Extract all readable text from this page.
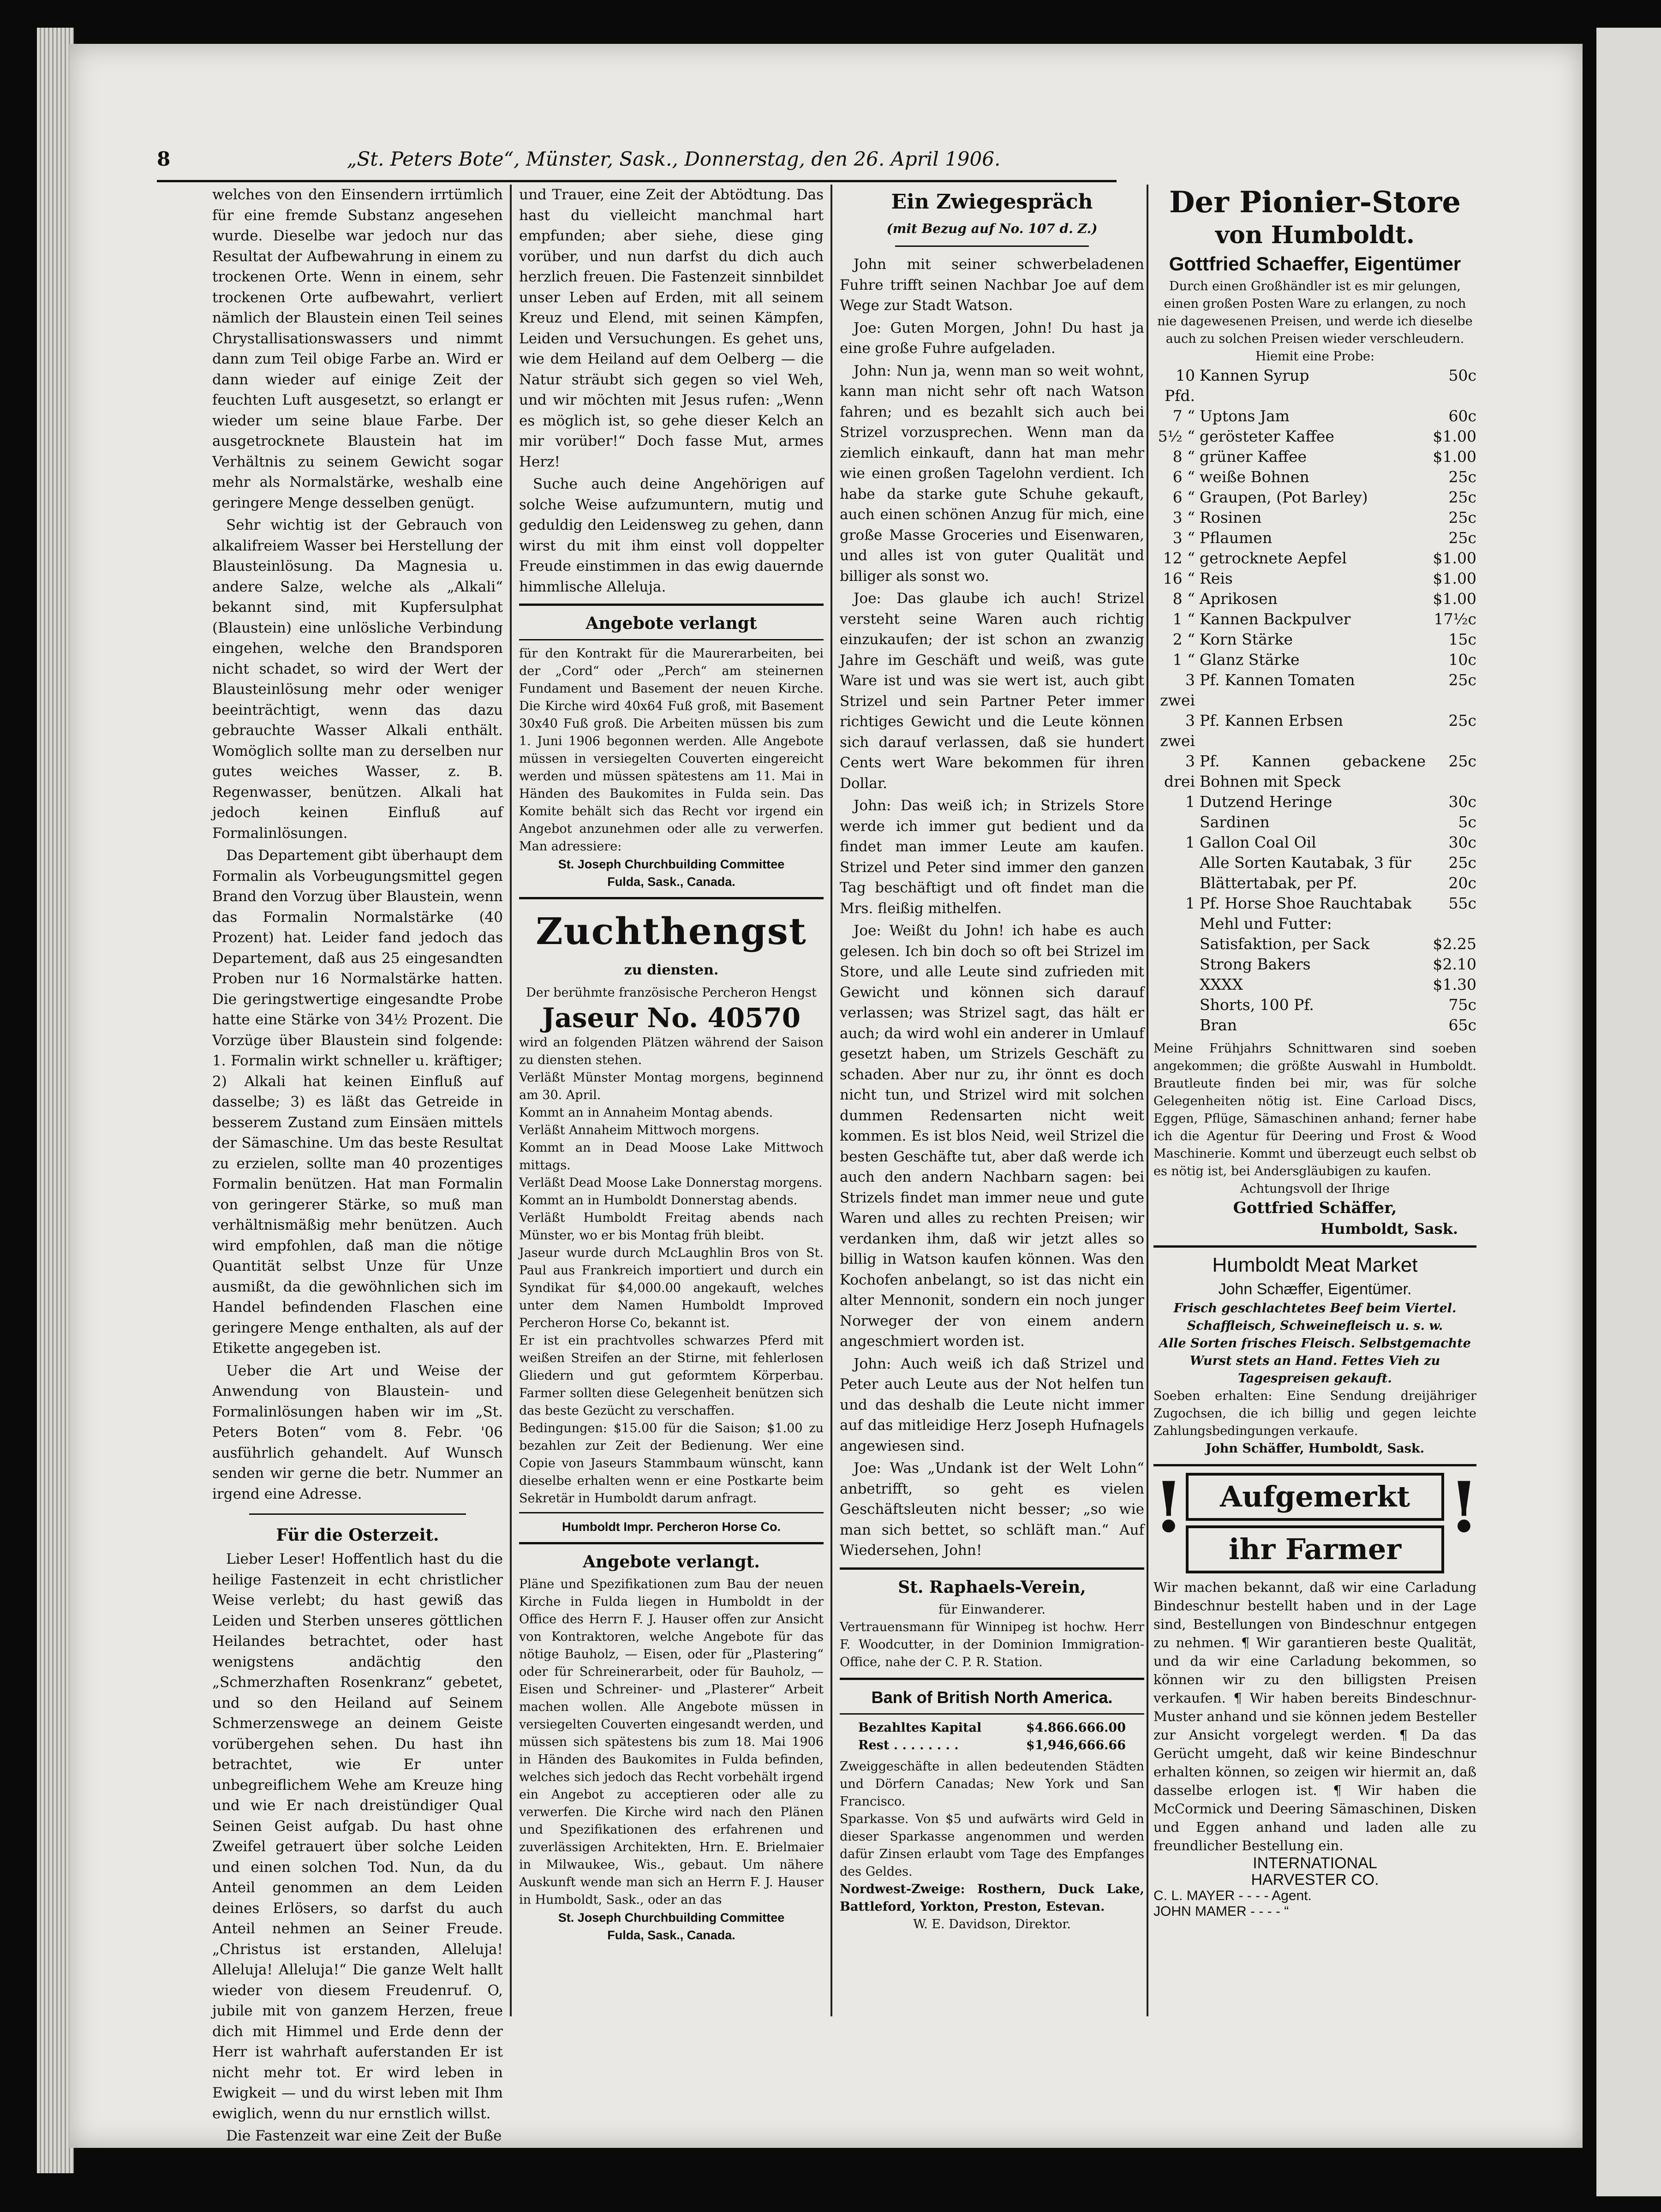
8	„St. Peters Bote“, Münster, Sask., Donnerstag, den 26. April 1906.

welches von den Einsendern irrtümlich für eine fremde Substanz angesehen wurde. Dieselbe war jedoch nur das Resultat der Aufbewahrung in einem zu trockenen Orte. Wenn in einem, sehr trockenen Orte aufbewahrt, verliert nämlich der Blaustein einen Teil seines Chrystallisationswassers und nimmt dann zum Teil obige Farbe an. Wird er dann wieder auf einige Zeit der feuchten Luft ausgesetzt, so erlangt er wieder um seine blaue Farbe. Der ausgetrocknete Blaustein hat im Verhältnis zu seinem Gewicht sogar mehr als Normalstärke, weshalb eine geringere Menge desselben genügt.

Sehr wichtig ist der Gebrauch von alkalifreiem Wasser bei Herstellung der Blausteinlösung. Da Magnesia u. andere Salze, welche als „Alkali“ bekannt sind, mit Kupfersulphat (Blaustein) eine unlösliche Verbindung eingehen, welche den Brandsporen nicht schadet, so wird der Wert der Blausteinlösung mehr oder weniger beeinträchtigt, wenn das dazu gebrauchte Wasser Alkali enthält. Womöglich sollte man zu derselben nur gutes weiches Wasser, z. B. Regenwasser, benützen. Alkali hat jedoch keinen Einfluß auf Formalinlösungen.

Das Departement gibt überhaupt dem Formalin als Vorbeugungsmittel gegen Brand den Vorzug über Blaustein, wenn das Formalin Normalstärke (40 Prozent) hat. Leider fand jedoch das Departement, daß aus 25 eingesandten Proben nur 16 Normalstärke hatten. Die geringstwertige eingesandte Probe hatte eine Stärke von 34½ Prozent. Die Vorzüge über Blaustein sind folgende: 1. Formalin wirkt schneller u. kräftiger; 2) Alkali hat keinen Einfluß auf dasselbe; 3) es läßt das Getreide in besserem Zustand zum Einsäen mittels der Sämaschine. Um das beste Resultat zu erzielen, sollte man 40 prozentiges Formalin benützen. Hat man Formalin von geringerer Stärke, so muß man verhältnismäßig mehr benützen. Auch wird empfohlen, daß man die nötige Quantität selbst Unze für Unze ausmißt, da die gewöhnlichen sich im Handel befindenden Flaschen eine geringere Menge enthalten, als auf der Etikette angegeben ist.

Ueber die Art und Weise der Anwendung von Blaustein- und Formalinlösungen haben wir im „St. Peters Boten“ vom 8. Febr. '06 ausführlich gehandelt. Auf Wunsch senden wir gerne die betr. Nummer an irgend eine Adresse.

Für die Osterzeit.

Lieber Leser! Hoffentlich hast du die heilige Fastenzeit in echt christlicher Weise verlebt; du hast gewiß das Leiden und Sterben unseres göttlichen Heilandes betrachtet, oder hast wenigstens andächtig den „Schmerzhaften Rosenkranz“ gebetet, und so den Heiland auf Seinem Schmerzenswege an deinem Geiste vorübergehen sehen. Du hast ihn betrachtet, wie Er unter unbegreiflichem Wehe am Kreuze hing und wie Er nach dreistündiger Qual Seinen Geist aufgab. Du hast ohne Zweifel getrauert über solche Leiden und einen solchen Tod. Nun, da du Anteil genommen an dem Leiden deines Erlösers, so darfst du auch Anteil nehmen an Seiner Freude. „Christus ist erstanden, Alleluja! Alleluja! Alleluja!“ Die ganze Welt hallt wieder von diesem Freudenruf. O, jubile mit von ganzem Herzen, freue dich mit Himmel und Erde denn der Herr ist wahrhaft auferstanden Er ist nicht mehr tot. Er wird leben in Ewigkeit — und du wirst leben mit Ihm ewiglich, wenn du nur ernstlich willst.

Die Fastenzeit war eine Zeit der Buße

und Trauer, eine Zeit der Abtödtung. Das hast du vielleicht manchmal hart empfunden; aber siehe, diese ging vorüber, und nun darfst du dich auch herzlich freuen. Die Fastenzeit sinnbildet unser Leben auf Erden, mit all seinem Kreuz und Elend, mit seinen Kämpfen, Leiden und Versuchungen. Es gehet uns, wie dem Heiland auf dem Oelberg — die Natur sträubt sich gegen so viel Weh, und wir möchten mit Jesus rufen: „Wenn es möglich ist, so gehe dieser Kelch an mir vorüber!“ Doch fasse Mut, armes Herz!

Suche auch deine Angehörigen auf solche Weise aufzumuntern, mutig und geduldig den Leidensweg zu gehen, dann wirst du mit ihm einst voll doppelter Freude einstimmen in das ewig dauernde himmlische Alleluja.

Angebote verlangt
für den Kontrakt für die Maurerarbeiten, bei der „Cord“ oder „Perch“ am steinernen Fundament und Basement der neuen Kirche. Die Kirche wird 40x64 Fuß groß, mit Basement 30x40 Fuß groß. Die Arbeiten müssen bis zum 1. Juni 1906 begonnen werden. Alle Angebote müssen in versiegelten Couverten eingereicht werden und müssen spätestens am 11. Mai in Händen des Baukomites in Fulda sein. Das Komite behält sich das Recht vor irgend ein Angebot anzunehmen oder alle zu verwerfen. Man adressiere:
St. Joseph Churchbuilding Committee
Fulda, Sask., Canada.
Zuchthengst
zu diensten.
Der berühmte französische Percheron Hengst
Jaseur No. 40570
wird an folgenden Plätzen während der Saison zu diensten stehen.
Verläßt Münster Montag morgens, beginnend am 30. April.
Kommt an in Annaheim Montag abends.
Verläßt Annaheim Mittwoch morgens.
Kommt an in Dead Moose Lake Mittwoch mittags.
Verläßt Dead Moose Lake Donnerstag morgens.
Kommt an in Humboldt Donnerstag abends.
Verläßt Humboldt Freitag abends nach Münster, wo er bis Montag früh bleibt.
Jaseur wurde durch McLaughlin Bros von St. Paul aus Frankreich importiert und durch ein Syndikat für $4,000.00 angekauft, welches unter dem Namen Humboldt Improved Percheron Horse Co, bekannt ist.
Er ist ein prachtvolles schwarzes Pferd mit weißen Streifen an der Stirne, mit fehlerlosen Gliedern und gut geformtem Körperbau. Farmer sollten diese Gelegenheit benützen sich das beste Gezücht zu verschaffen.
Bedingungen: $15.00 für die Saison; $1.00 zu bezahlen zur Zeit der Bedienung. Wer eine Copie von Jaseurs Stammbaum wünscht, kann dieselbe erhalten wenn er eine Postkarte beim Sekretär in Humboldt darum anfragt.
Humboldt Impr. Percheron Horse Co.
Angebote verlangt.
Pläne und Spezifikationen zum Bau der neuen Kirche in Fulda liegen in Humboldt in der Office des Herrn F. J. Hauser offen zur Ansicht von Kontraktoren, welche Angebote für das nötige Bauholz, — Eisen, oder für „Plastering“ oder für Schreinerarbeit, oder für Bauholz, — Eisen und Schreiner- und „Plasterer“ Arbeit machen wollen. Alle Angebote müssen in versiegelten Couverten eingesandt werden, und müssen sich spätestens bis zum 18. Mai 1906 in Händen des Baukomites in Fulda befinden, welches sich jedoch das Recht vorbehält irgend ein Angebot zu acceptieren oder alle zu verwerfen. Die Kirche wird nach den Plänen und Spezifikationen des erfahrenen und zuverlässigen Architekten, Hrn. E. Brielmaier in Milwaukee, Wis., gebaut. Um nähere Auskunft wende man sich an Herrn F. J. Hauser in Humboldt, Sask., oder an das
St. Joseph Churchbuilding Committee
Fulda, Sask., Canada.
Ein Zwiegespräch
(mit Bezug auf No. 107 d. Z.)

John mit seiner schwerbeladenen Fuhre trifft seinen Nachbar Joe auf dem Wege zur Stadt Watson.

Joe: Guten Morgen, John! Du hast ja eine große Fuhre aufgeladen.

John: Nun ja, wenn man so weit wohnt, kann man nicht sehr oft nach Watson fahren; und es bezahlt sich auch bei Strizel vorzusprechen. Wenn man da ziemlich einkauft, dann hat man mehr wie einen großen Tagelohn verdient. Ich habe da starke gute Schuhe gekauft, auch einen schönen Anzug für mich, eine große Masse Groceries und Eisenwaren, und alles ist von guter Qualität und billiger als sonst wo.

Joe: Das glaube ich auch! Strizel versteht seine Waren auch richtig einzukaufen; der ist schon an zwanzig Jahre im Geschäft und weiß, was gute Ware ist und was sie wert ist, auch gibt Strizel und sein Partner Peter immer richtiges Gewicht und die Leute können sich darauf verlassen, daß sie hundert Cents wert Ware bekommen für ihren Dollar.

John: Das weiß ich; in Strizels Store werde ich immer gut bedient und da findet man immer Leute am kaufen. Strizel und Peter sind immer den ganzen Tag beschäftigt und oft findet man die Mrs. fleißig mithelfen.

Joe: Weißt du John! ich habe es auch gelesen. Ich bin doch so oft bei Strizel im Store, und alle Leute sind zufrieden mit Gewicht und können sich darauf verlassen; was Strizel sagt, das hält er auch; da wird wohl ein anderer in Umlauf gesetzt haben, um Strizels Geschäft zu schaden. Aber nur zu, ihr önnt es doch nicht tun, und Strizel wird mit solchen dummen Redensarten nicht weit kommen. Es ist blos Neid, weil Strizel die besten Geschäfte tut, aber daß werde ich auch den andern Nachbarn sagen: bei Strizels findet man immer neue und gute Waren und alles zu rechten Preisen; wir verdanken ihm, daß wir jetzt alles so billig in Watson kaufen können. Was den Kochofen anbelangt, so ist das nicht ein alter Mennonit, sondern ein noch junger Norweger der von einem andern angeschmiert worden ist.

John: Auch weiß ich daß Strizel und Peter auch Leute aus der Not helfen tun und das deshalb die Leute nicht immer auf das mitleidige Herz Joseph Hufnagels angewiesen sind.

Joe: Was „Undank ist der Welt Lohn“ anbetrifft, so geht es vielen Geschäftsleuten nicht besser; „so wie man sich bettet, so schläft man.“ Auf Wiedersehen, John!

St. Raphaels-Verein,
für Einwanderer.
Vertrauensmann für Winnipeg ist hochw. Herr F. Woodcutter, in der Dominion Immigration-Office, nahe der C. P. R. Station.
Bank of British North America.
Bezahltes Kapital	$4.866.666.00
Rest . . . . . . . .	$1,946,666.66
Zweiggeschäfte in allen bedeutenden Städten und Dörfern Canadas; New York und San Francisco.
Sparkasse. Von $5 und aufwärts wird Geld in dieser Sparkasse angenommen und werden dafür Zinsen erlaubt vom Tage des Empfanges des Geldes.
Nordwest-Zweige: Rosthern, Duck Lake, Battleford, Yorkton, Preston, Estevan.
W. E. Davidson, Direktor.
Der Pionier-Store
von Humboldt.
Gottfried Schaeffer, Eigentümer
Durch einen Großhändler ist es mir gelungen, einen großen Posten Ware zu erlangen, zu noch nie dagewesenen Preisen, und werde ich dieselbe auch zu solchen Preisen wieder verschleudern. Hiemit eine Probe:
10 Pfd.	Kannen Syrup	50c
7 “	Uptons Jam	60c
5½ “	gerösteter Kaffee	$1.00
8 “	grüner Kaffee	$1.00
6 “	weiße Bohnen	25c
6 “	Graupen, (Pot Barley)	25c
3 “	Rosinen	25c
3 “	Pflaumen	25c
12 “	getrocknete Aepfel	$1.00
16 “	Reis	$1.00
8 “	Aprikosen	$1.00
1 “	Kannen Backpulver	17½c
2 “	Korn Stärke	15c
1 “	Glanz Stärke	10c
3 zwei	Pf. Kannen Tomaten	25c
3 zwei	Pf. Kannen Erbsen	25c
3 drei	Pf. Kannen gebackene Bohnen mit Speck	25c
1	Dutzend Heringe	30c
	Sardinen	5c
1	Gallon Coal Oil	30c
	Alle Sorten Kautabak, 3 für	25c
	Blättertabak, per Pf.	20c
1	Pf. Horse Shoe Rauchtabak	55c
	Mehl und Futter:	
	Satisfaktion, per Sack	$2.25
	Strong Bakers	$2.10
	XXXX	$1.30
	Shorts, 100 Pf.	75c
	Bran	65c
Meine Frühjahrs Schnittwaren sind soeben angekommen; die größte Auswahl in Humboldt. Brautleute finden bei mir, was für solche Gelegenheiten nötig ist. Eine Carload Discs, Eggen, Pflüge, Sämaschinen anhand; ferner habe ich die Agentur für Deering und Frost & Wood Maschinerie. Kommt und überzeugt euch selbst ob es nötig ist, bei Andersgläubigen zu kaufen.
Achtungsvoll der Ihrige
Gottfried Schäffer,
Humboldt, Sask.
Humboldt Meat Market
John Schæffer, Eigentümer.
Frisch geschlachtetes Beef beim Viertel. Schaffleisch, Schweinefleisch u. s. w.
Alle Sorten frisches Fleisch. Selbstgemachte Wurst stets an Hand. Fettes Vieh zu Tagespreisen gekauft.
Soeben erhalten: Eine Sendung dreijähriger Zugochsen, die ich billig und gegen leichte Zahlungsbedingungen verkaufe.
John Schäffer, Humboldt, Sask.
!	!
Aufgemerkt
ihr Farmer
Wir machen bekannt, daß wir eine Carladung Bindeschnur bestellt haben und in der Lage sind, Bestellungen von Bindeschnur entgegen zu nehmen. ¶ Wir garantieren beste Qualität, und da wir eine Carladung bekommen, so können wir zu den billigsten Preisen verkaufen. ¶ Wir haben bereits Bindeschnur-Muster anhand und sie können jedem Besteller zur Ansicht vorgelegt werden. ¶ Da das Gerücht umgeht, daß wir keine Bindeschnur erhalten können, so zeigen wir hiermit an, daß dasselbe erlogen ist. ¶ Wir haben die McCormick und Deering Sämaschinen, Disken und Eggen anhand und laden alle zu freundlicher Bestellung ein.
INTERNATIONAL
HARVESTER CO.
C. L. MAYER - - - - Agent.
JOHN MAMER - - - - “
